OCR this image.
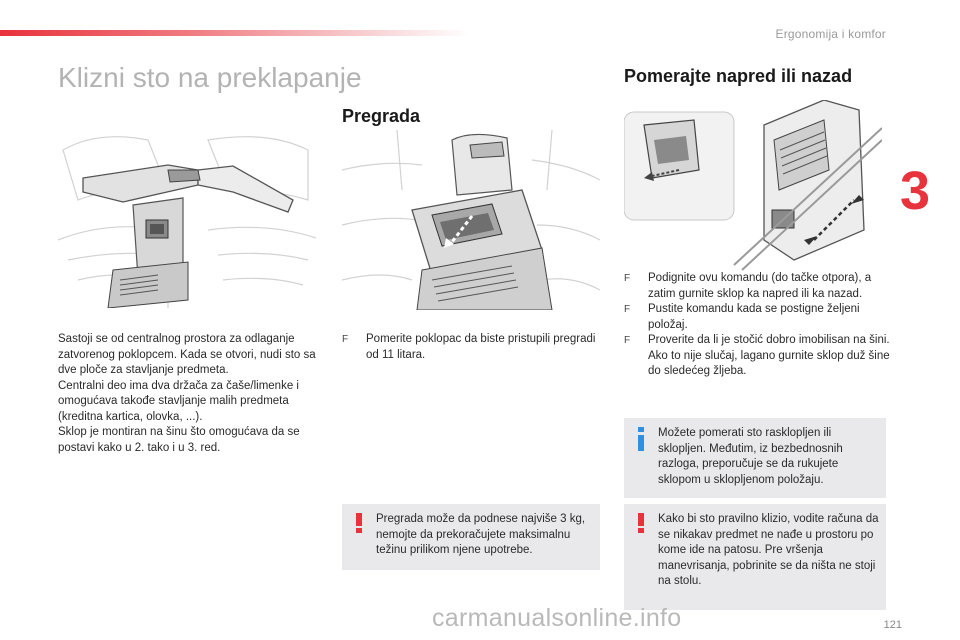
Ergonomija i komfor
3
Klizni sto na preklapanje
Pregrada
Pomerajte napred ili nazad

Sastoji se od centralnog prostora za odlaganje zatvorenog poklopcem. Kada se otvori, nudi sto sa dve ploče za stavljanje predmeta.

Centralni deo ima dva držača za čaše/limenke i omogućava takođe stavljanje malih predmeta (kreditna kartica, olovka, ...).

Sklop je montiran na šinu što omogućava da se postavi kako u 2. tako i u 3. red.

F Pomerite poklopac da biste pristupili pregradi od 11 litara.
F Podignite ovu komandu (do tačke otpora), a zatim gurnite sklop ka napred ili ka nazad.
F Pustite komandu kada se postigne željeni položaj.
F Proverite da li je stočić dobro imobilisan na šini. Ako to nije slučaj, lagano gurnite sklop duž šine do sledećeg žljeba.
Pregrada može da podnese najviše 3 kg, nemojte da prekoračujete maksimalnu težinu prilikom njene upotrebe.
Možete pomerati sto rasklopljen ili sklopljen. Međutim, iz bezbednosnih razloga, preporučuje se da rukujete sklopom u sklopljenom položaju.
Kako bi sto pravilno klizio, vodite računa da se nikakav predmet ne nađe u prostoru po kome ide na patosu. Pre vršenja manevrisanja, pobrinite se da ništa ne stoji na stolu.
carmanualsonline.info	121
